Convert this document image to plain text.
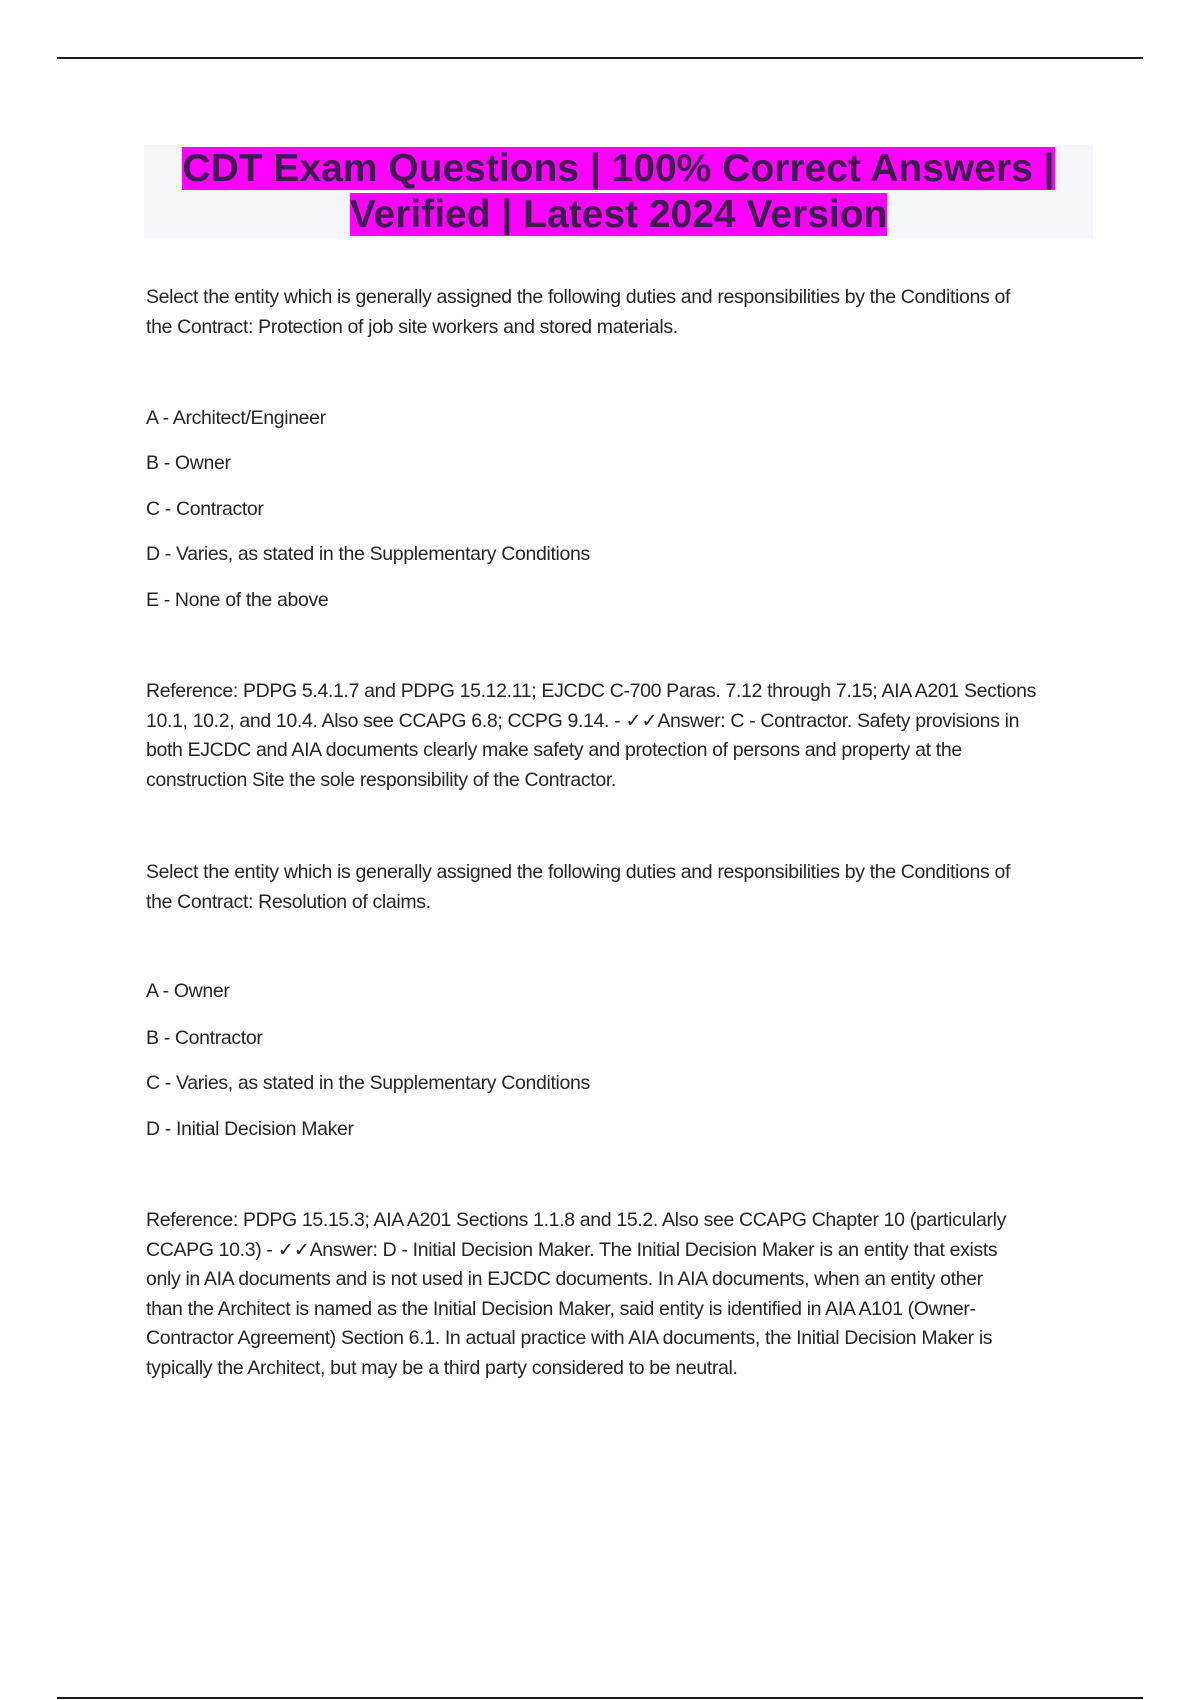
CDT Exam Questions | 100% Correct Answers |
Verified | Latest 2024 Version

Select the entity which is generally assigned the following duties and responsibilities by the Conditions of
the Contract: Protection of job site workers and stored materials.

A - Architect/Engineer

B - Owner

C - Contractor

D - Varies, as stated in the Supplementary Conditions

E - None of the above

Reference: PDPG 5.4.1.7 and PDPG 15.12.11; EJCDC C-700 Paras. 7.12 through 7.15; AIA A201 Sections
10.1, 10.2, and 10.4. Also see CCAPG 6.8; CCPG 9.14. - ✓✓Answer: C - Contractor. Safety provisions in
both EJCDC and AIA documents clearly make safety and protection of persons and property at the
construction Site the sole responsibility of the Contractor.

Select the entity which is generally assigned the following duties and responsibilities by the Conditions of
the Contract: Resolution of claims.

A - Owner

B - Contractor

C - Varies, as stated in the Supplementary Conditions

D - Initial Decision Maker

Reference: PDPG 15.15.3; AIA A201 Sections 1.1.8 and 15.2. Also see CCAPG Chapter 10 (particularly
CCAPG 10.3) - ✓✓Answer: D - Initial Decision Maker. The Initial Decision Maker is an entity that exists
only in AIA documents and is not used in EJCDC documents. In AIA documents, when an entity other
than the Architect is named as the Initial Decision Maker, said entity is identified in AIA A101 (Owner-
Contractor Agreement) Section 6.1. In actual practice with AIA documents, the Initial Decision Maker is
typically the Architect, but may be a third party considered to be neutral.
